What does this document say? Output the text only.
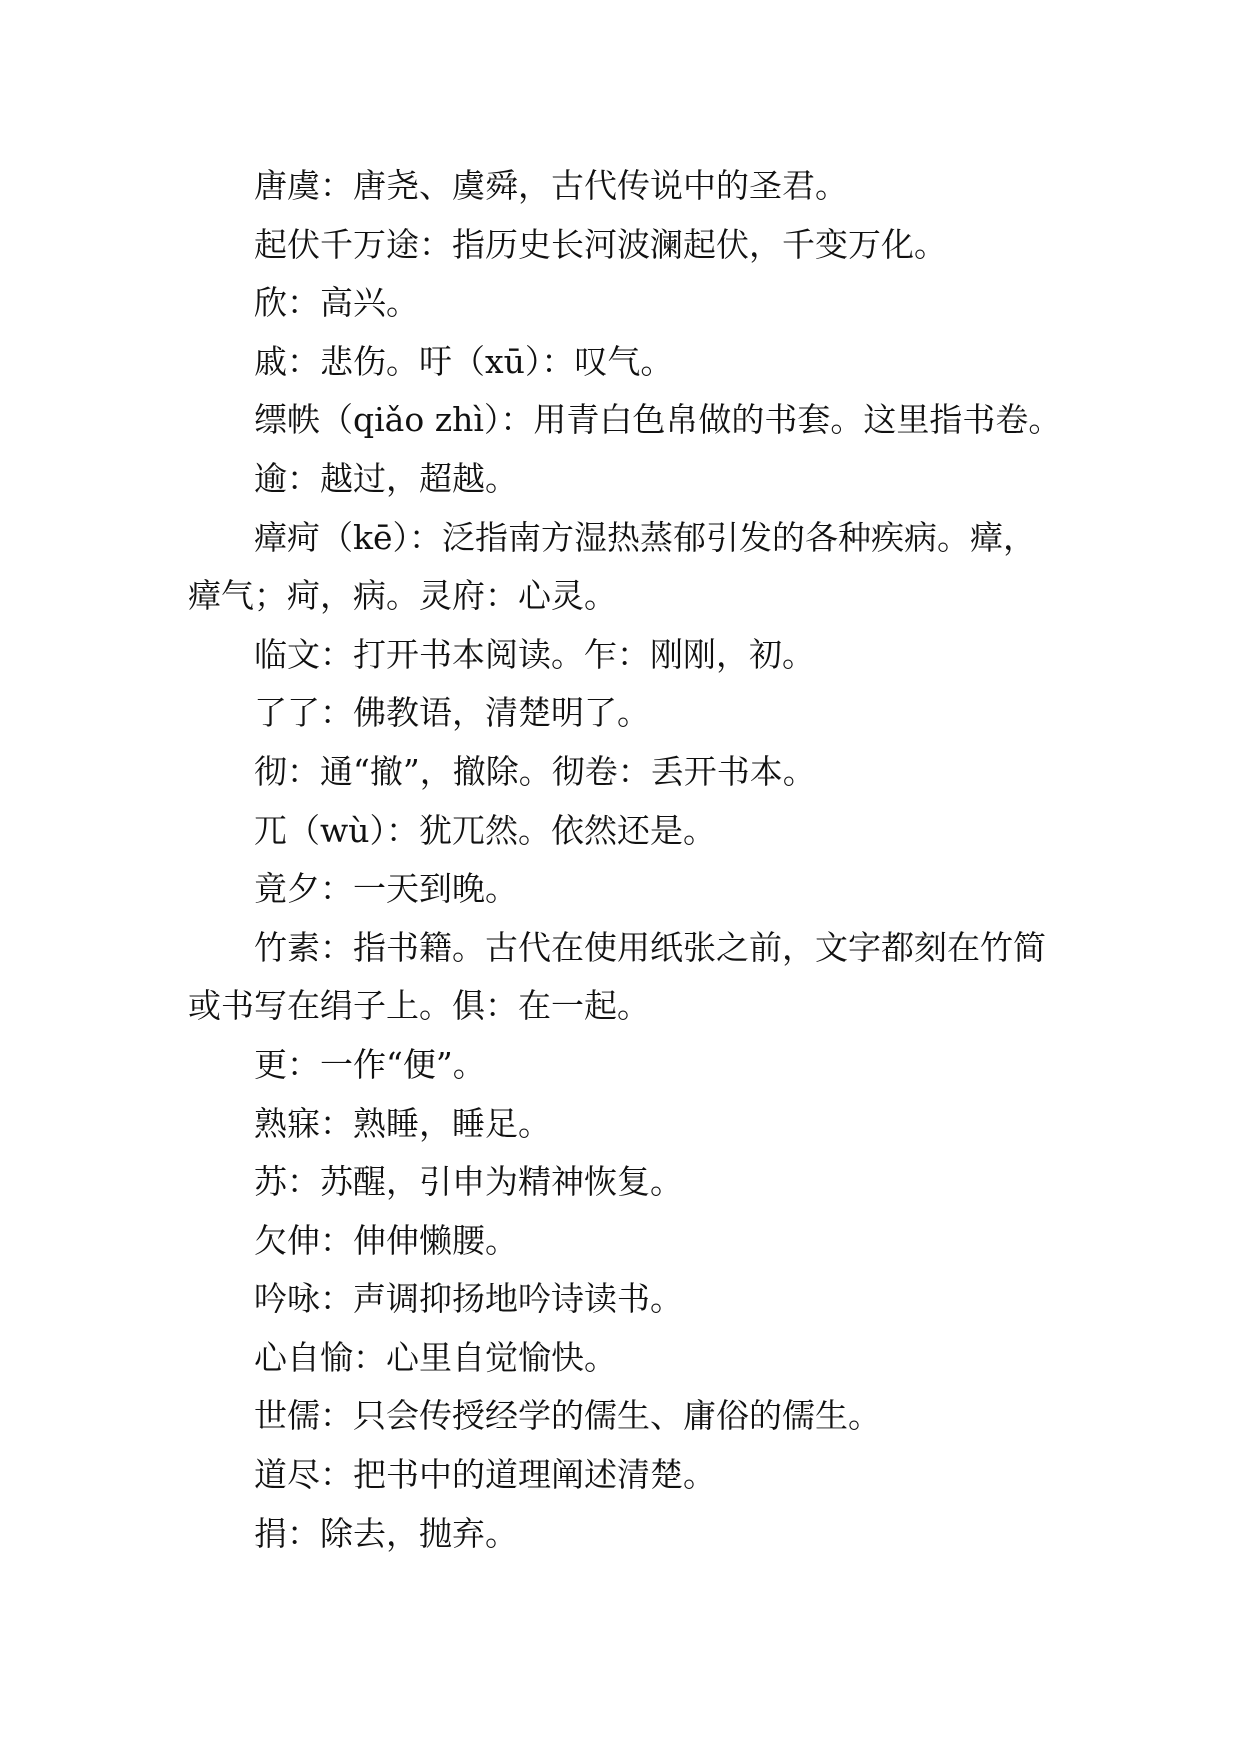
唐虞：唐尧、虞舜，古代传说中的圣君。

起伏千万途：指历史长河波澜起伏，千变万化。

欣：高兴。

戚：悲伤。吁（xū）：叹气。

缥帙（qiǎo zhì）：用青白色帛做的书套。这里指书卷。

逾：越过，超越。

瘴疴（kē）：泛指南方湿热蒸郁引发的各种疾病。瘴，瘴气；疴，病。灵府：心灵。

临文：打开书本阅读。乍：刚刚，初。

了了：佛教语，清楚明了。

彻：通“撤”，撤除。彻卷：丢开书本。

兀（wù）：犹兀然。依然还是。

竟夕：一天到晚。

竹素：指书籍。古代在使用纸张之前，文字都刻在竹简或书写在绢子上。俱：在一起。

更：一作“便”。

熟寐：熟睡，睡足。

苏：苏醒，引申为精神恢复。

欠伸：伸伸懒腰。

吟咏：声调抑扬地吟诗读书。

心自愉：心里自觉愉快。

世儒：只会传授经学的儒生、庸俗的儒生。

道尽：把书中的道理阐述清楚。

捐：除去，抛弃。
